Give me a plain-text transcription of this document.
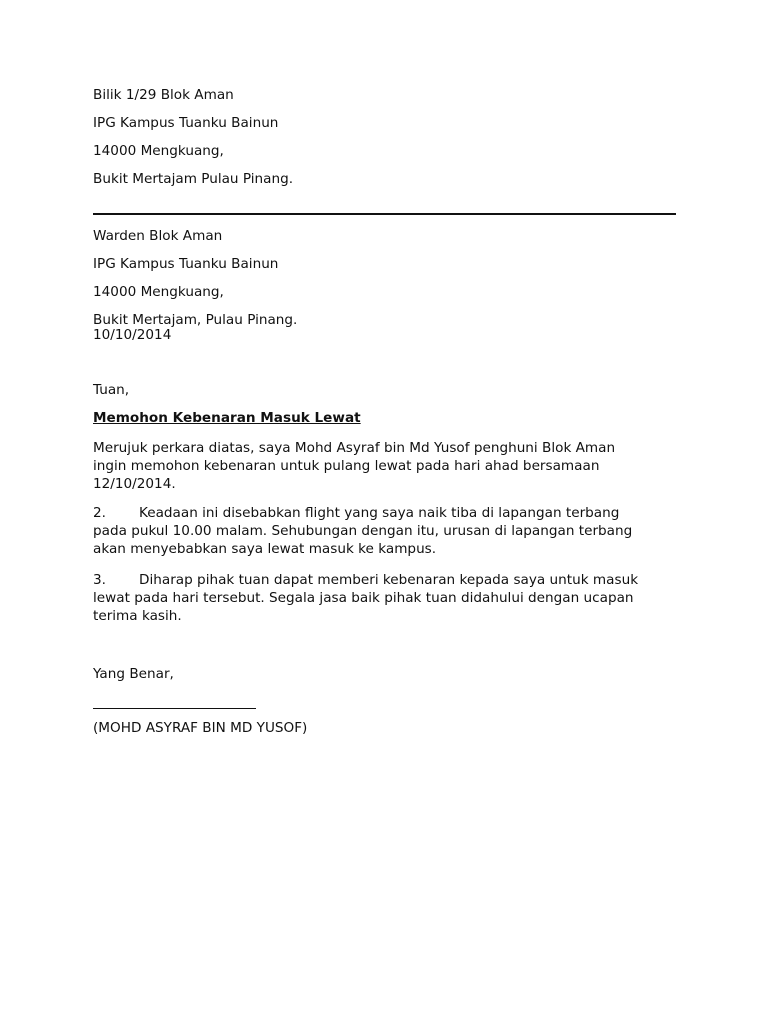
Bilik 1/29 Blok Aman
IPG Kampus Tuanku Bainun
14000 Mengkuang,
Bukit Mertajam Pulau Pinang.
Warden Blok Aman
IPG Kampus Tuanku Bainun
14000 Mengkuang,
Bukit Mertajam, Pulau Pinang.
10/10/2014
Tuan,
Memohon Kebenaran Masuk Lewat
Merujuk perkara diatas, saya Mohd Asyraf bin Md Yusof penghuni Blok Aman
ingin memohon kebenaran untuk pulang lewat pada hari ahad bersamaan
12/10/2014.
2. Keadaan ini disebabkan flight yang saya naik tiba di lapangan terbang
pada pukul 10.00 malam. Sehubungan dengan itu, urusan di lapangan terbang
akan menyebabkan saya lewat masuk ke kampus.
3. Diharap pihak tuan dapat memberi kebenaran kepada saya untuk masuk
lewat pada hari tersebut. Segala jasa baik pihak tuan didahului dengan ucapan
terima kasih.
Yang Benar,
(MOHD ASYRAF BIN MD YUSOF)
